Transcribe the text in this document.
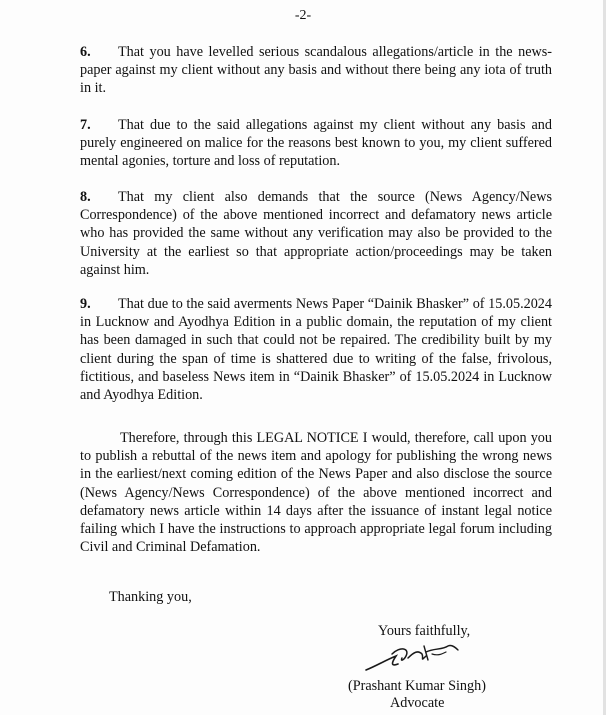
-2-
6. That you have levelled serious scandalous allegations/article in the news-paper against my client without any basis and without there being any iota of truth in it.
7. That due to the said allegations against my client without any basis and purely engineered on malice for the reasons best known to you, my client suffered mental agonies, torture and loss of reputation.
8. That my client also demands that the source (News Agency/News Correspondence) of the above mentioned incorrect and defamatory news article who has provided the same without any verification may also be provided to the University at the earliest so that appropriate action/proceedings may be taken against him.
9. That due to the said averments News Paper “Dainik Bhasker” of 15.05.2024 in Lucknow and Ayodhya Edition in a public domain, the reputation of my client has been damaged in such that could not be repaired. The credibility built by my client during the span of time is shattered due to writing of the false, frivolous, fictitious, and baseless News item in “Dainik Bhasker” of 15.05.2024 in Lucknow and Ayodhya Edition.
Therefore, through this LEGAL NOTICE I would, therefore, call upon you to publish a rebuttal of the news item and apology for publishing the wrong news in the earliest/next coming edition of the News Paper and also disclose the source (News Agency/News Correspondence) of the above mentioned incorrect and defamatory news article within 14 days after the issuance of instant legal notice failing which I have the instructions to approach appropriate legal forum including Civil and Criminal Defamation.
Thanking you,
Yours faithfully,
(Prashant Kumar Singh)
Advocate
